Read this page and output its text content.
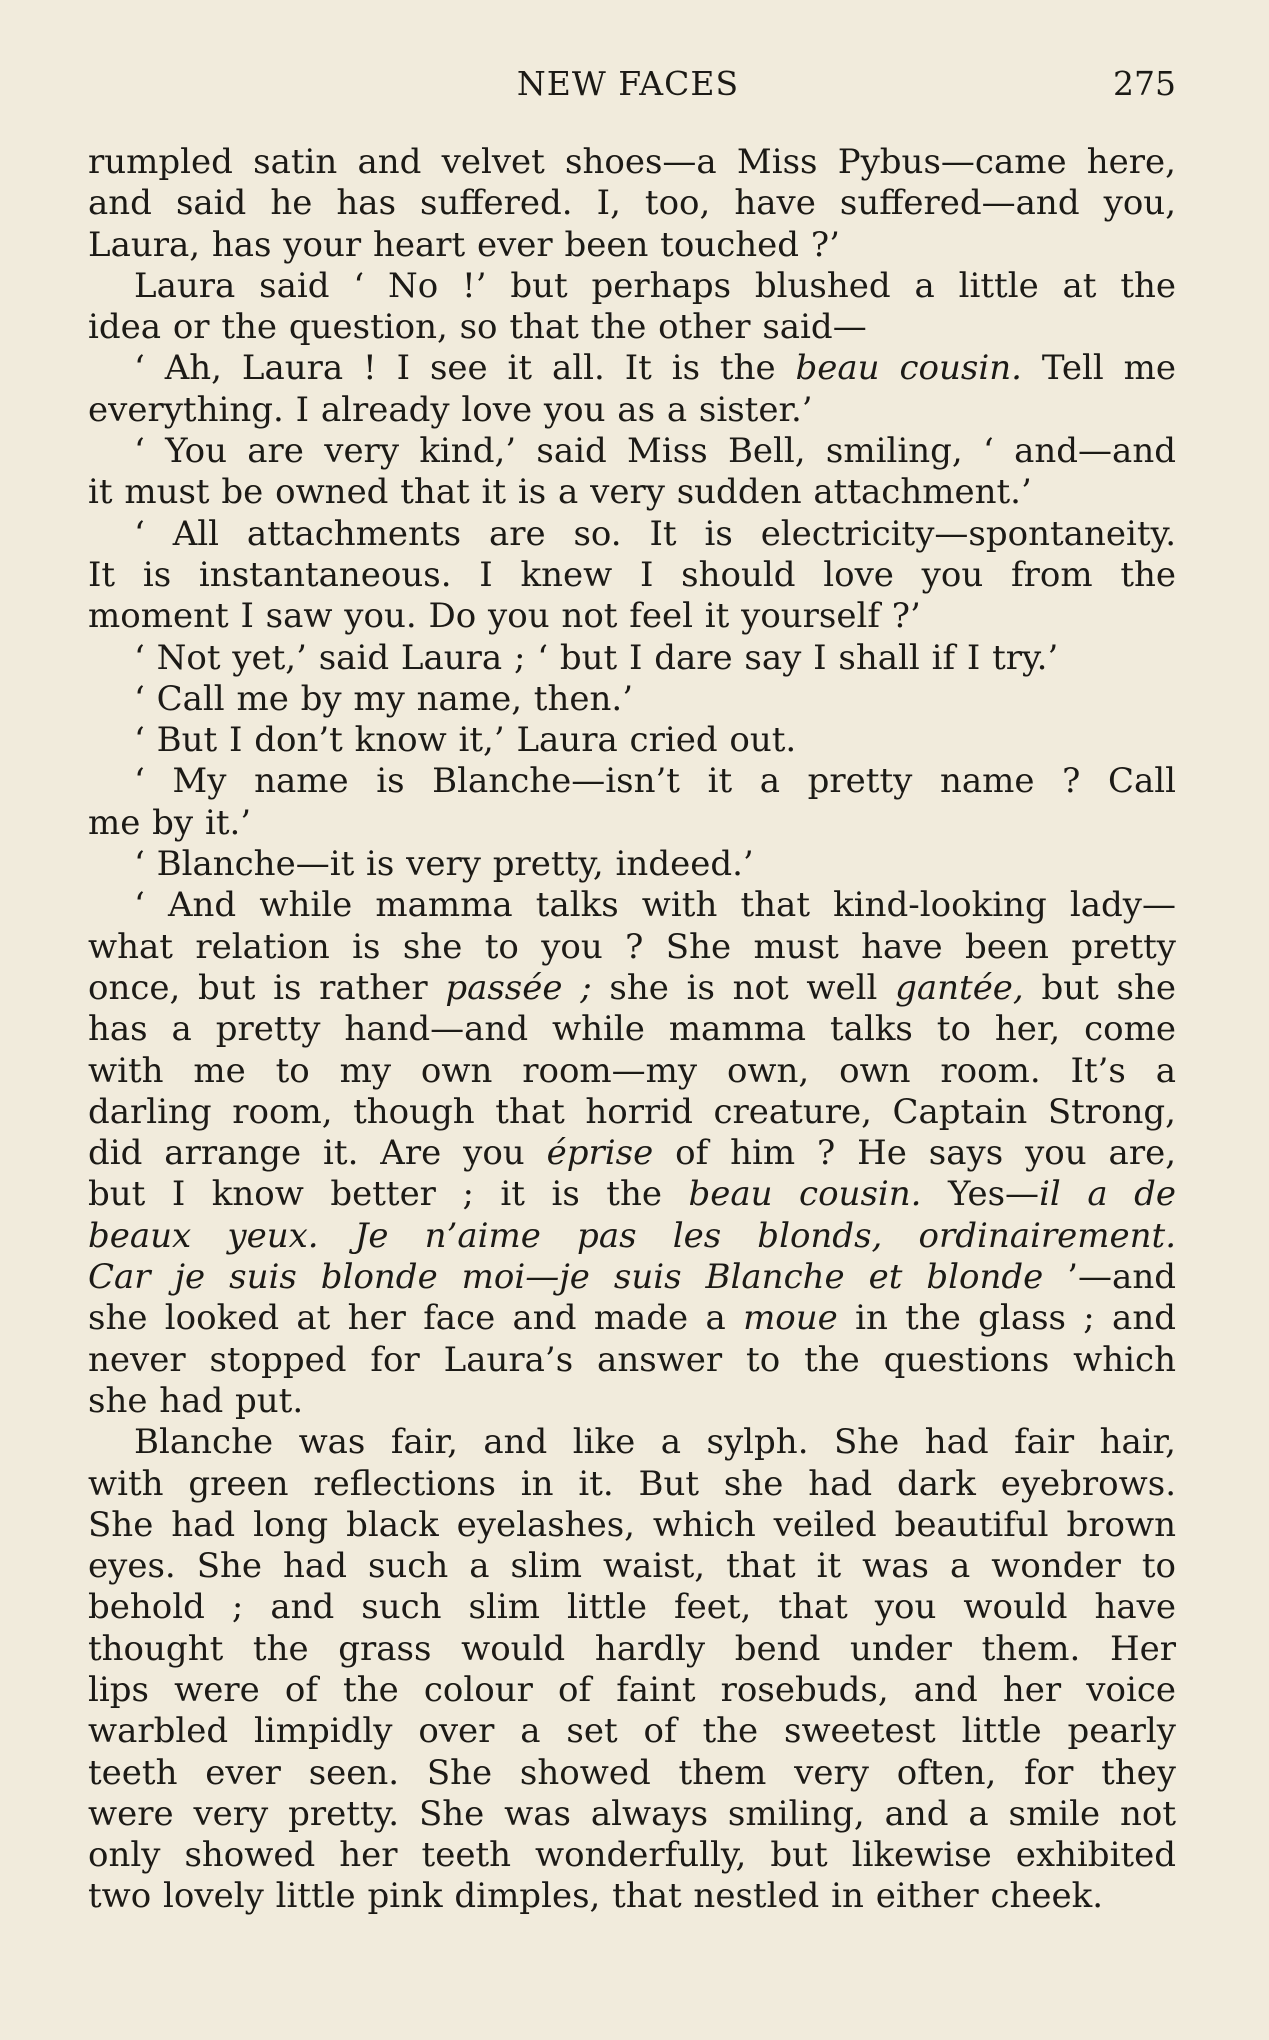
NEW FACES	275
rumpled satin and velvet shoes—a Miss Pybus—came here,
and said he has suffered. I, too, have suffered—and you,
Laura, has your heart ever been touched ?’
Laura said ‘ No !’ but perhaps blushed a little at the
idea or the question, so that the other said—
‘ Ah, Laura ! I see it all. It is the beau cousin. Tell me
everything. I already love you as a sister.’
‘ You are very kind,’ said Miss Bell, smiling, ‘ and—and
it must be owned that it is a very sudden attachment.’
‘ All attachments are so. It is electricity—spontaneity.
It is instantaneous. I knew I should love you from the
moment I saw you. Do you not feel it yourself ?’
‘ Not yet,’ said Laura ; ‘ but I dare say I shall if I try.’
‘ Call me by my name, then.’
‘ But I don’t know it,’ Laura cried out.
‘ My name is Blanche—isn’t it a pretty name ? Call
me by it.’
‘ Blanche—it is very pretty, indeed.’
‘ And while mamma talks with that kind-looking lady—
what relation is she to you ? She must have been pretty
once, but is rather passée ; she is not well gantée, but she
has a pretty hand—and while mamma talks to her, come
with me to my own room—my own, own room. It’s a
darling room, though that horrid creature, Captain Strong,
did arrange it. Are you éprise of him ? He says you are,
but I know better ; it is the beau cousin. Yes—il a de
beaux yeux. Je n’aime pas les blonds, ordinairement.
Car je suis blonde moi—je suis Blanche et blonde ’—and
she looked at her face and made a moue in the glass ; and
never stopped for Laura’s answer to the questions which
she had put.
Blanche was fair, and like a sylph. She had fair hair,
with green reflections in it. But she had dark eyebrows.
She had long black eyelashes, which veiled beautiful brown
eyes. She had such a slim waist, that it was a wonder to
behold ; and such slim little feet, that you would have
thought the grass would hardly bend under them. Her
lips were of the colour of faint rosebuds, and her voice
warbled limpidly over a set of the sweetest little pearly
teeth ever seen. She showed them very often, for they
were very pretty. She was always smiling, and a smile not
only showed her teeth wonderfully, but likewise exhibited
two lovely little pink dimples, that nestled in either cheek.
